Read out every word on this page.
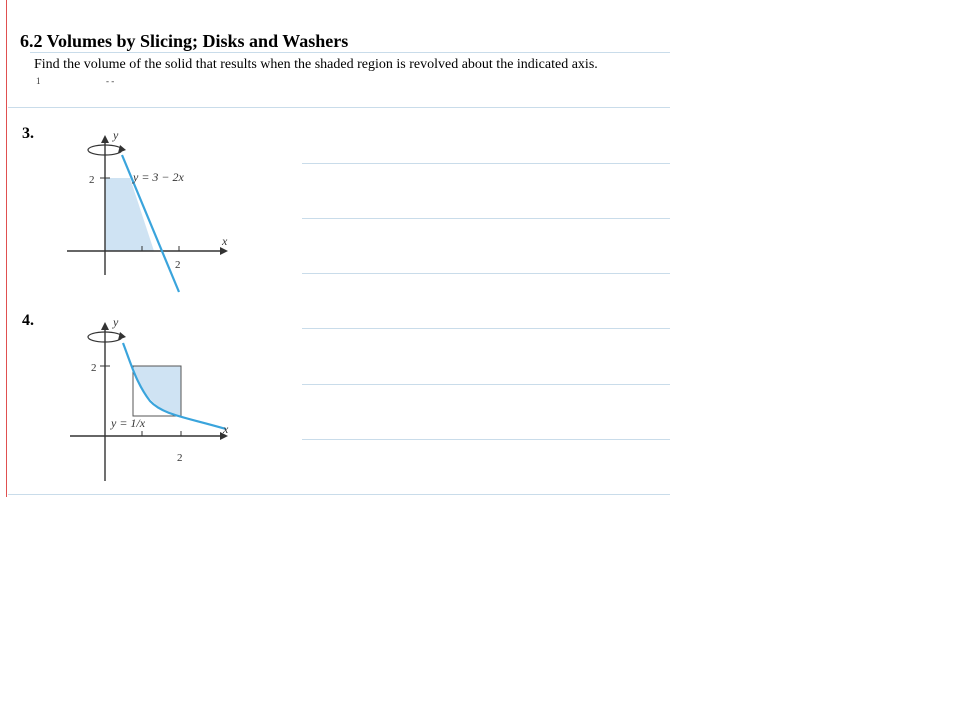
6.2 Volumes by Slicing; Disks and Washers
Find the volume of the solid that results when the shaded region is revolved about the indicated axis.
1	- -
3.	y
x
2
2
y = 3 − 2x
4.	y
x
2
2
y = 1/x
